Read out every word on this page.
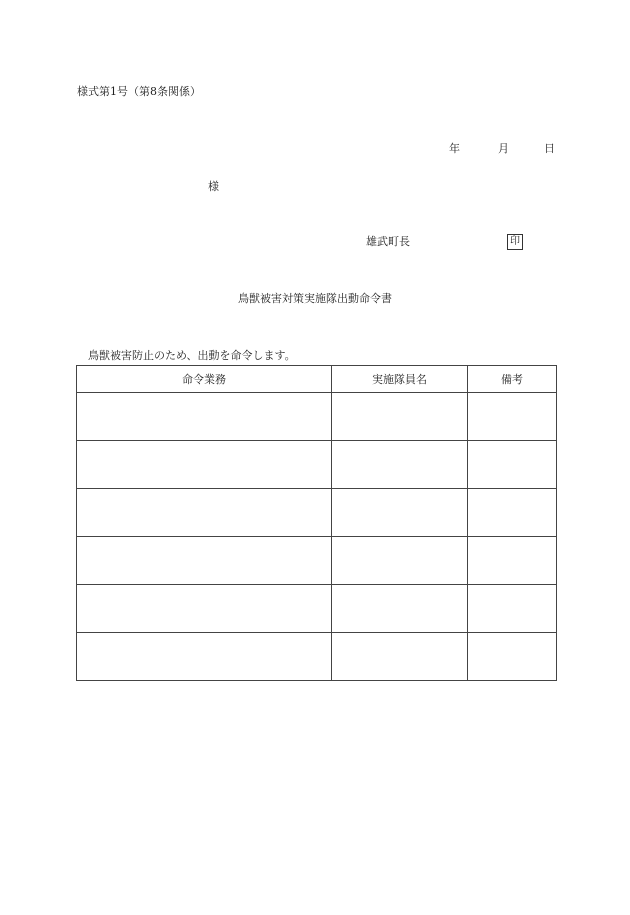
様式第1号（第8条関係）
年	月	日
様
雄武町長	印
鳥獣被害対策実施隊出動命令書
鳥獣被害防止のため、出動を命令します。
命令業務	実施隊員名	備考
